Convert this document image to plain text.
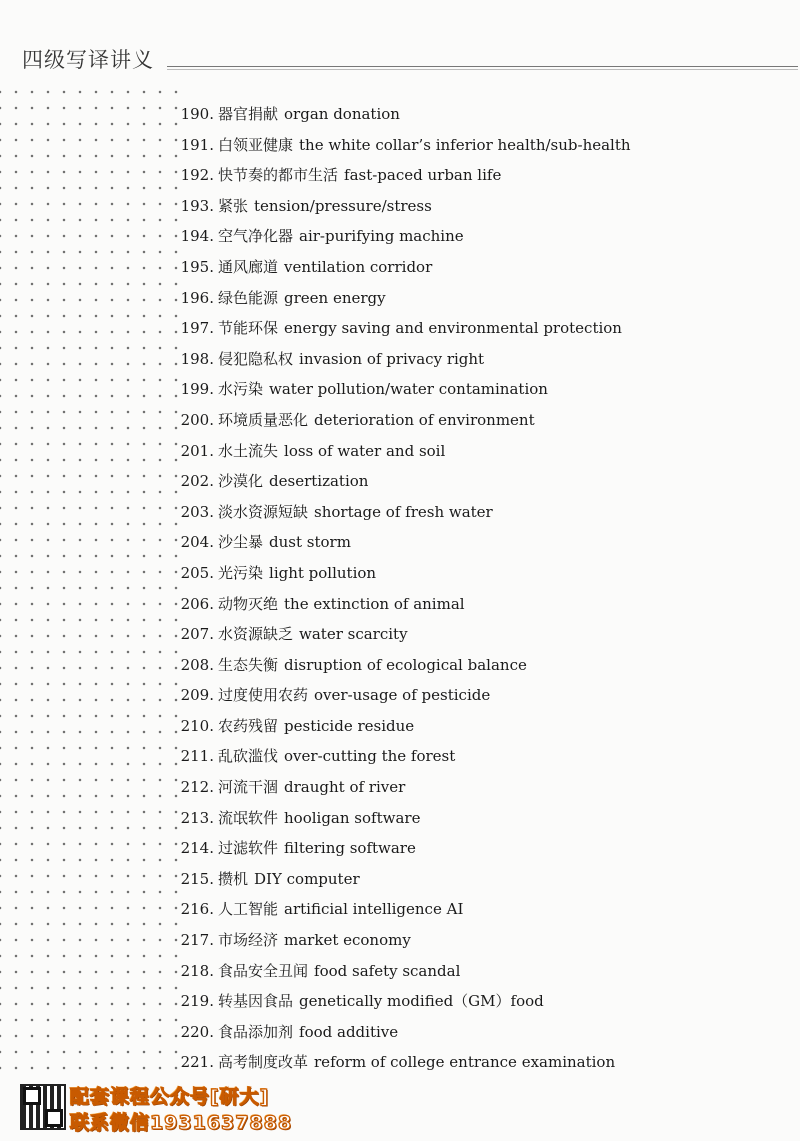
四级写译讲义
190. 器官捐献 organ donation
191. 白领亚健康 the white collar’s inferior health/sub-health
192. 快节奏的都市生活 fast-paced urban life
193. 紧张 tension/pressure/stress
194. 空气净化器 air-purifying machine
195. 通风廊道 ventilation corridor
196. 绿色能源 green energy
197. 节能环保 energy saving and environmental protection
198. 侵犯隐私权 invasion of privacy right
199. 水污染 water pollution/water contamination
200. 环境质量恶化 deterioration of environment
201. 水土流失 loss of water and soil
202. 沙漠化 desertization
203. 淡水资源短缺 shortage of fresh water
204. 沙尘暴 dust storm
205. 光污染 light pollution
206. 动物灭绝 the extinction of animal
207. 水资源缺乏 water scarcity
208. 生态失衡 disruption of ecological balance
209. 过度使用农药 over-usage of pesticide
210. 农药残留 pesticide residue
211. 乱砍滥伐 over-cutting the forest
212. 河流干涸 draught of river
213. 流氓软件 hooligan software
214. 过滤软件 filtering software
215. 攒机 DIY computer
216. 人工智能 artificial intelligence AI
217. 市场经济 market economy
218. 食品安全丑闻 food safety scandal
219. 转基因食品 genetically modified（GM）food
220. 食品添加剂 food additive
221. 高考制度改革 reform of college entrance examination
配套课程公众号[研大]
联系微信1931637888
